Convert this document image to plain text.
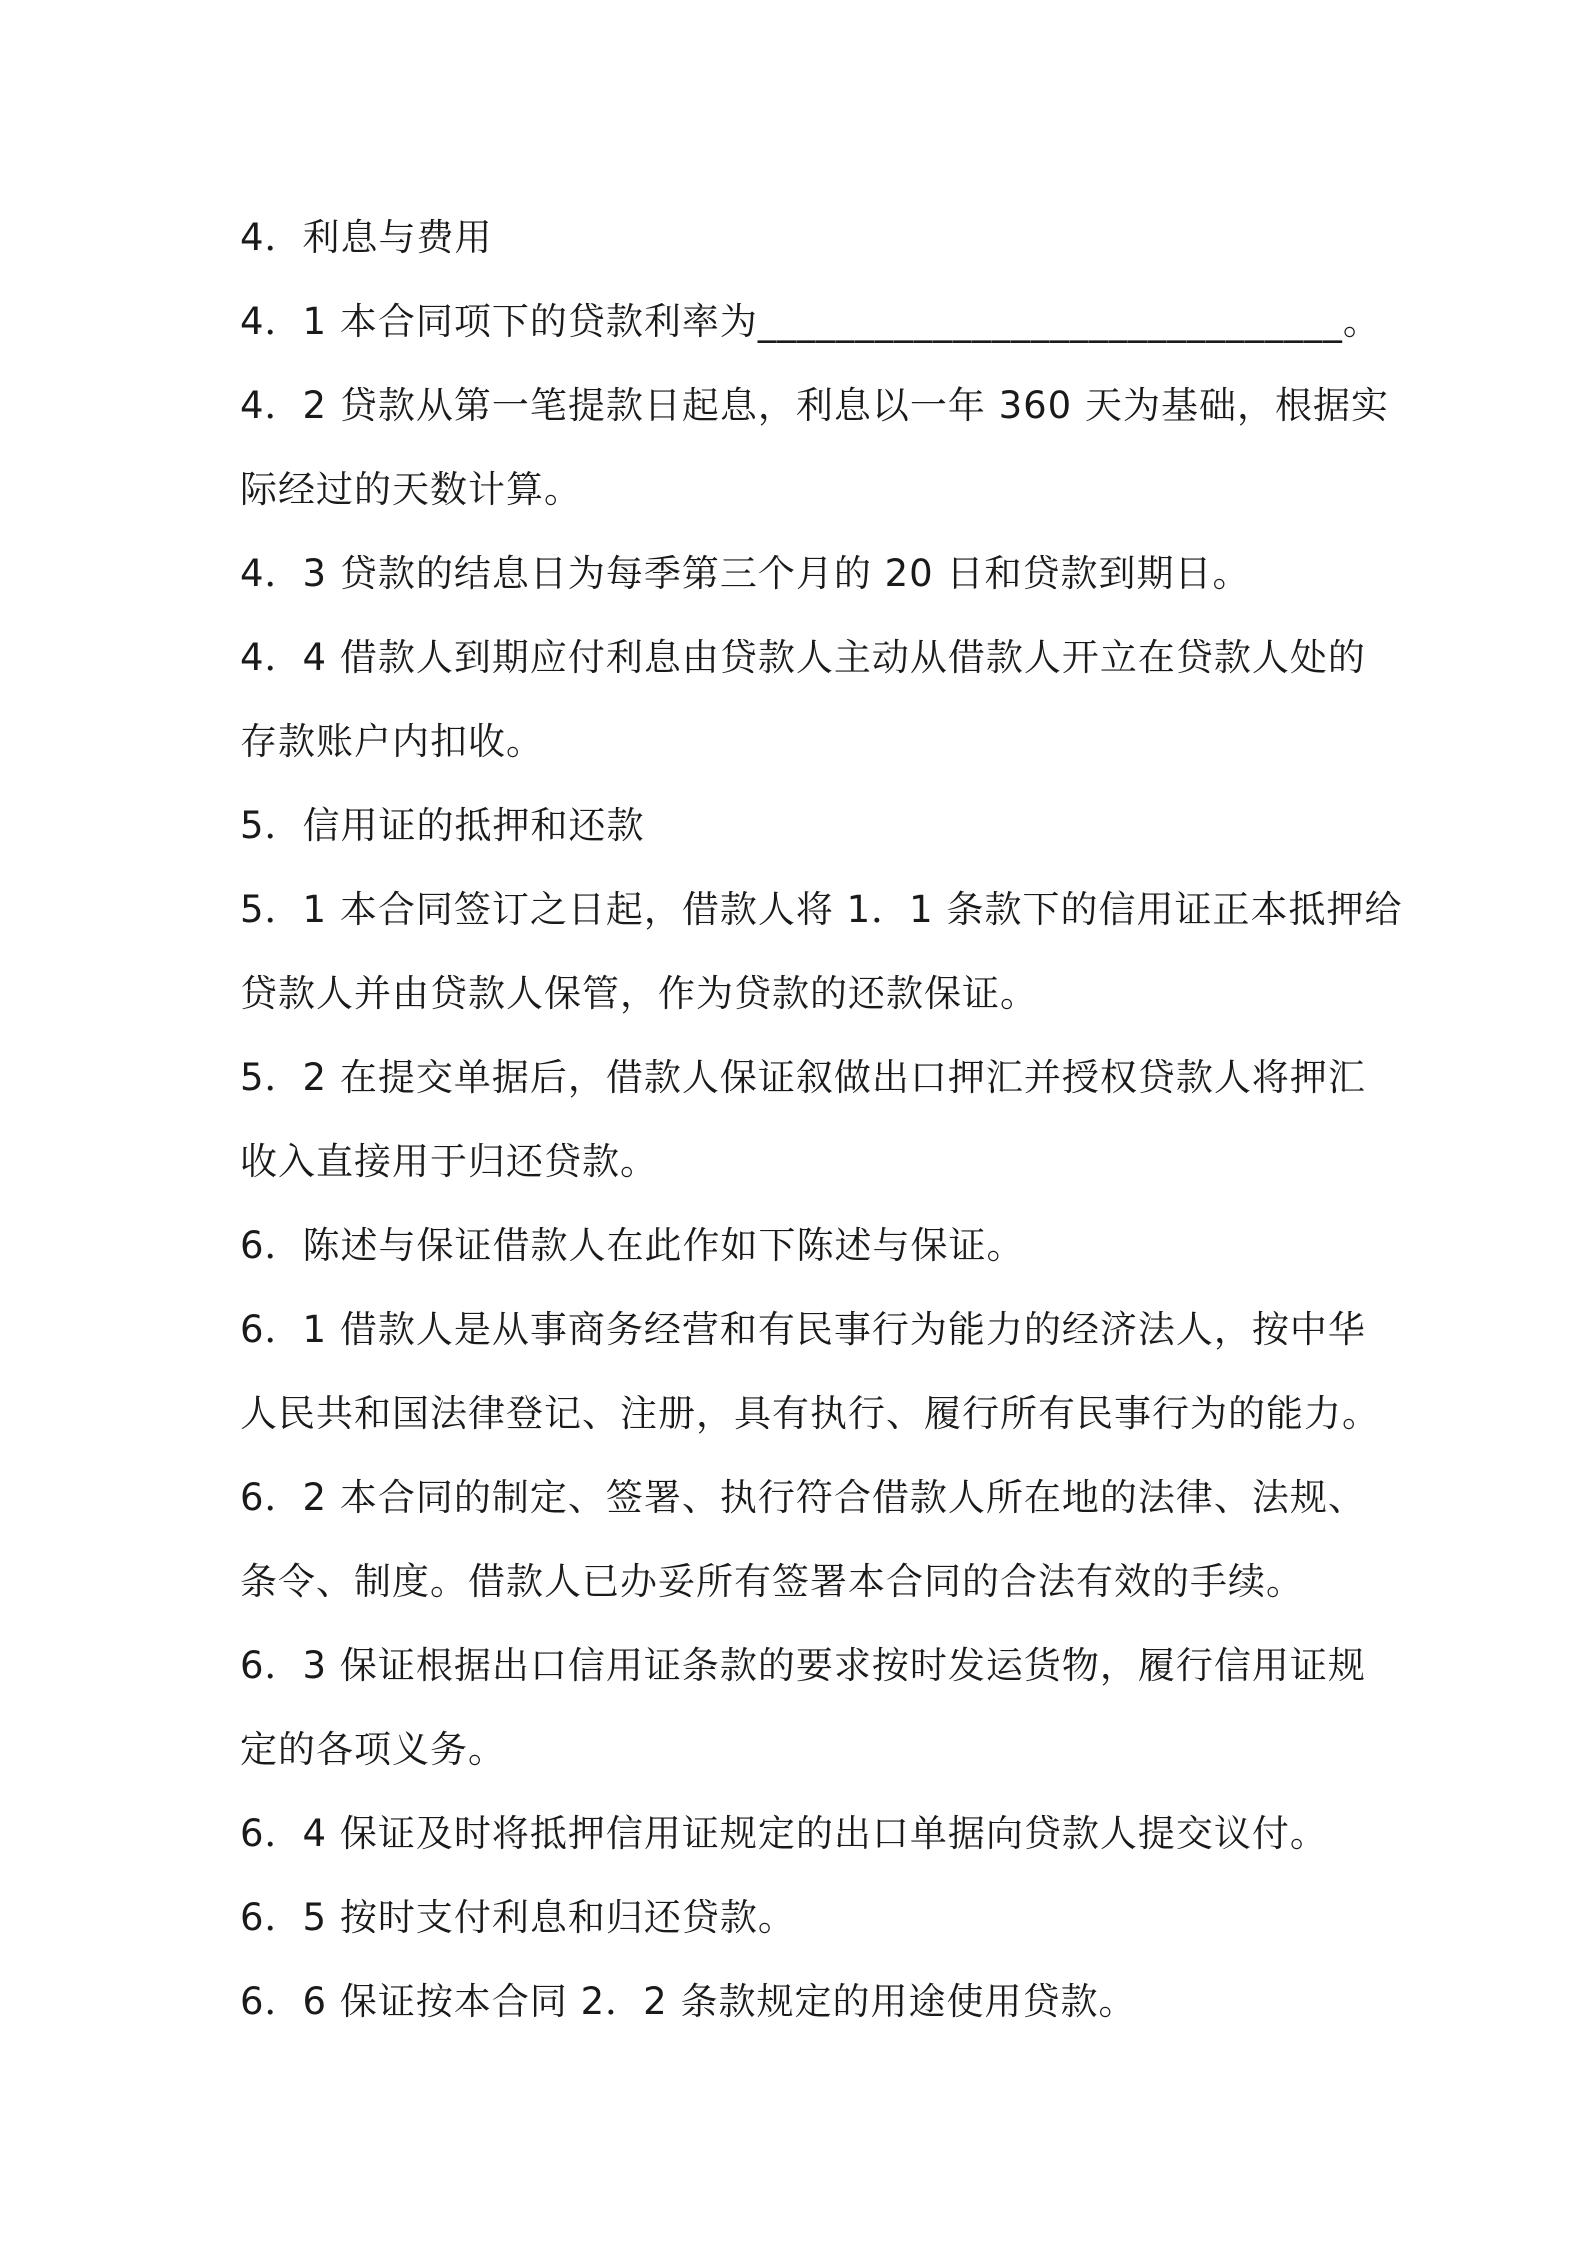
4．利息与费用

4．1 本合同项下的贷款利率为______________________________。

4．2 贷款从第一笔提款日起息，利息以一年 360 天为基础，根据实

际经过的天数计算。

4．3 贷款的结息日为每季第三个月的 20 日和贷款到期日。

4．4 借款人到期应付利息由贷款人主动从借款人开立在贷款人处的

存款账户内扣收。

5．信用证的抵押和还款

5．1 本合同签订之日起，借款人将 1．1 条款下的信用证正本抵押给

贷款人并由贷款人保管，作为贷款的还款保证。

5．2 在提交单据后，借款人保证叙做出口押汇并授权贷款人将押汇

收入直接用于归还贷款。

6．陈述与保证借款人在此作如下陈述与保证。

6．1 借款人是从事商务经营和有民事行为能力的经济法人，按中华

人民共和国法律登记、注册，具有执行、履行所有民事行为的能力。

6．2 本合同的制定、签署、执行符合借款人所在地的法律、法规、

条令、制度。借款人已办妥所有签署本合同的合法有效的手续。

6．3 保证根据出口信用证条款的要求按时发运货物，履行信用证规

定的各项义务。

6．4 保证及时将抵押信用证规定的出口单据向贷款人提交议付。

6．5 按时支付利息和归还贷款。

6．6 保证按本合同 2．2 条款规定的用途使用贷款。
